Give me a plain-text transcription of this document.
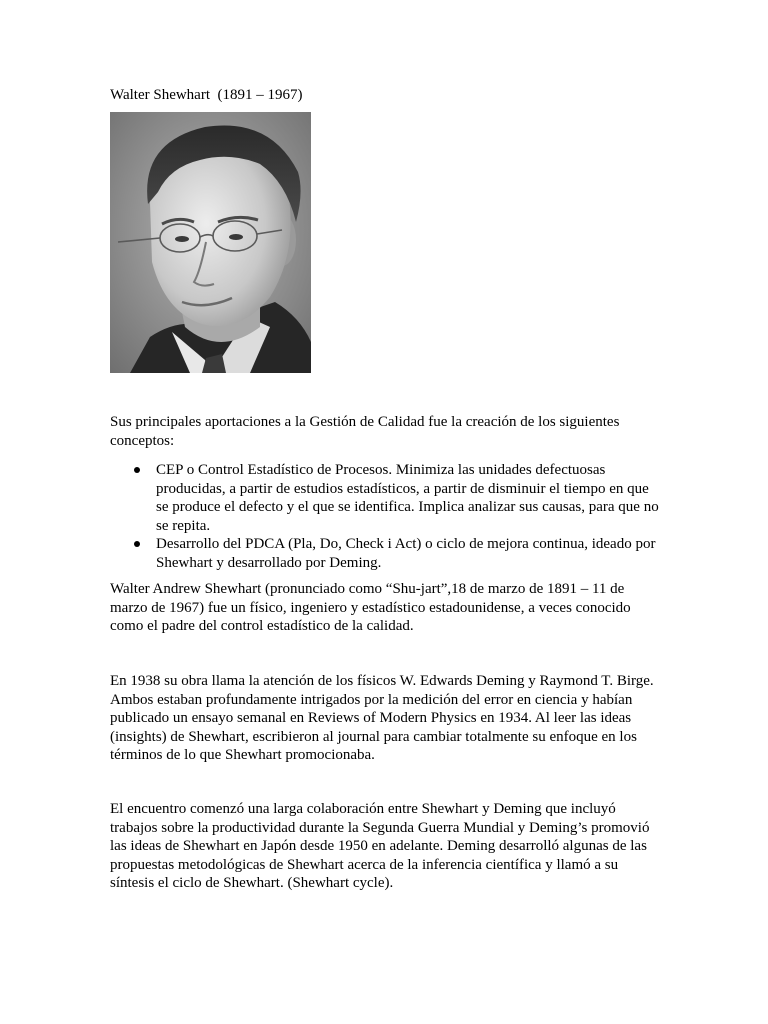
Walter Shewhart  (1891 – 1967)

Sus principales aportaciones a la Gestión de Calidad fue la creación de los siguientes conceptos:

CEP o Control Estadístico de Procesos. Minimiza las unidades defectuosas producidas, a partir de estudios estadísticos, a partir de disminuir el tiempo en que se produce el defecto y el que se identifica. Implica analizar sus causas, para que no se repita.
Desarrollo del PDCA (Pla, Do, Check i Act) o ciclo de mejora continua, ideado por Shewhart y desarrollado por Deming.

Walter Andrew Shewhart (pronunciado como “Shu-jart”,18 de marzo de 1891 – 11 de marzo de 1967) fue un físico, ingeniero y estadístico estadounidense, a veces conocido como el padre del control estadístico de la calidad.

En 1938 su obra llama la atención de los físicos W. Edwards Deming y Raymond T. Birge. Ambos estaban profundamente intrigados por la medición del error en ciencia y habían publicado un ensayo semanal en Reviews of Modern Physics en 1934. Al leer las ideas (insights) de Shewhart, escribieron al journal para cambiar totalmente su enfoque en los términos de lo que Shewhart promocionaba.

El encuentro comenzó una larga colaboración entre Shewhart y Deming que incluyó trabajos sobre la productividad durante la Segunda Guerra Mundial y Deming’s promovió las ideas de Shewhart en Japón desde 1950 en adelante. Deming desarrolló algunas de las propuestas metodológicas de Shewhart acerca de la inferencia científica y llamó a su síntesis el ciclo de Shewhart. (Shewhart cycle).
